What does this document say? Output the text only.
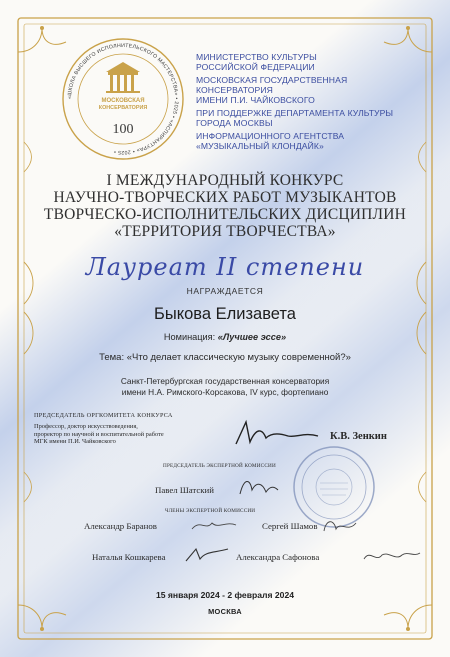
«ШКОЛА ВЫСШЕГО ИСПОЛНИТЕЛЬСКОГО МАСТЕРСТВА» • 2025 • «АСПИРАНТУРА» • 2025 •
МОСКОВСКАЯ
КОНСЕРВАТОРИЯ
100

МИНИСТЕРСТВО КУЛЬТУРЫ
РОССИЙСКОЙ ФЕДЕРАЦИИ

МОСКОВСКАЯ ГОСУДАРСТВЕННАЯ КОНСЕРВАТОРИЯ
ИМЕНИ П.И. ЧАЙКОВСКОГО

ПРИ ПОДДЕРЖКЕ ДЕПАРТАМЕНТА КУЛЬТУРЫ
ГОРОДА МОСКВЫ

ИНФОРМАЦИОННОГО АГЕНТСТВА
«МУЗЫКАЛЬНЫЙ КЛОНДАЙК»

I МЕЖДУНАРОДНЫЙ КОНКУРС
НАУЧНО-ТВОРЧЕСКИХ РАБОТ МУЗЫКАНТОВ
ТВОРЧЕСКО-ИСПОЛНИТЕЛЬСКИХ ДИСЦИПЛИН
«ТЕРРИТОРИЯ ТВОРЧЕСТВА»
Лауреат II степени
НАГРАЖДАЕТСЯ
Быкова Елизавета
Номинация: «Лучшее эссе»
Тема: «Что делает классическую музыку современной?»
Санкт-Петербургская государственная консерватория
имени Н.А. Римского-Корсакова, IV курс, фортепиано
ПРЕДСЕДАТЕЛЬ ОРГКОМИТЕТА КОНКУРСА

Профессор, доктор искусствоведения,

проректор по научной и воспитательной работе

МГК имени П.И. Чайковского	К.В. Зенкин
ПРЕДСЕДАТЕЛЬ ЭКСПЕРТНОЙ КОМИССИИ
Павел Шатский
ЧЛЕНЫ ЭКСПЕРТНОЙ КОМИССИИ
Александр Баранов	Сергей Шамов
Наталья Кошкарева	Александра Сафонова
15 января 2024 - 2 февраля 2024
МОСКВА
